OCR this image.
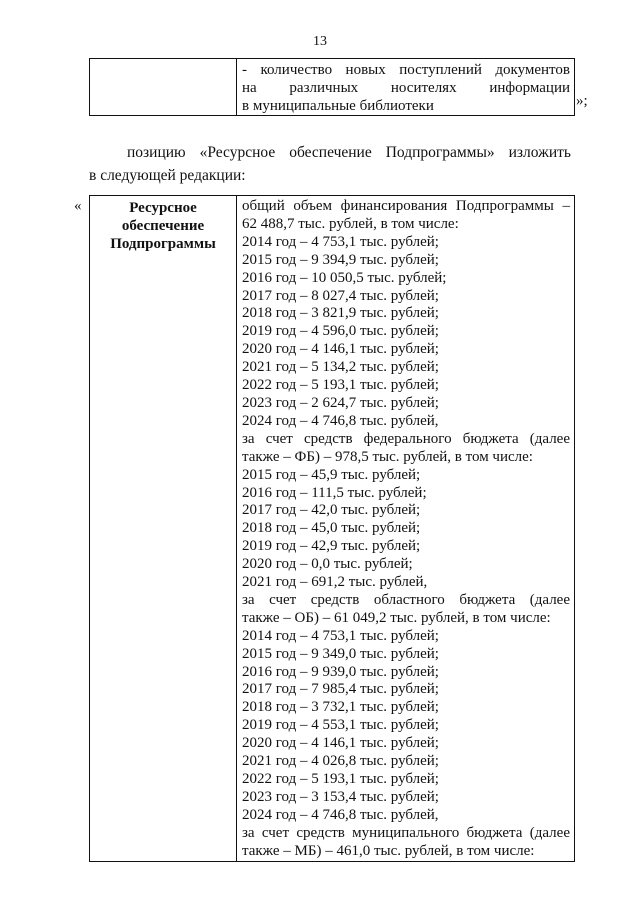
13

- количество новых поступлений документов
на различных носителях информации
в муниципальные библиотеки	»;
позицию «Ресурсное обеспечение Подпрограммы» изложить
в следующей редакции:
«	Ресурсное
обеспечение
Подпрограммы

общий объем финансирования Подпрограммы –
62 488,7 тыс. рублей, в том числе:
2014 год – 4 753,1 тыс. рублей;
2015 год – 9 394,9 тыс. рублей;
2016 год – 10 050,5 тыс. рублей;
2017 год – 8 027,4 тыс. рублей;
2018 год – 3 821,9 тыс. рублей;
2019 год – 4 596,0 тыс. рублей;
2020 год – 4 146,1 тыс. рублей;
2021 год – 5 134,2 тыс. рублей;
2022 год – 5 193,1 тыс. рублей;
2023 год – 2 624,7 тыс. рублей;
2024 год – 4 746,8 тыс. рублей,
за счет средств федерального бюджета (далее
также – ФБ) – 978,5 тыс. рублей, в том числе:
2015 год – 45,9 тыс. рублей;
2016 год – 111,5 тыс. рублей;
2017 год – 42,0 тыс. рублей;
2018 год – 45,0 тыс. рублей;
2019 год – 42,9 тыс. рублей;
2020 год – 0,0 тыс. рублей;
2021 год – 691,2 тыс. рублей,
за счет средств областного бюджета (далее
также – ОБ) – 61 049,2 тыс. рублей, в том числе:
2014 год – 4 753,1 тыс. рублей;
2015 год – 9 349,0 тыс. рублей;
2016 год – 9 939,0 тыс. рублей;
2017 год – 7 985,4 тыс. рублей;
2018 год – 3 732,1 тыс. рублей;
2019 год – 4 553,1 тыс. рублей;
2020 год – 4 146,1 тыс. рублей;
2021 год – 4 026,8 тыс. рублей;
2022 год – 5 193,1 тыс. рублей;
2023 год – 3 153,4 тыс. рублей;
2024 год – 4 746,8 тыс. рублей,
за счет средств муниципального бюджета (далее
также – МБ) – 461,0 тыс. рублей, в том числе:
